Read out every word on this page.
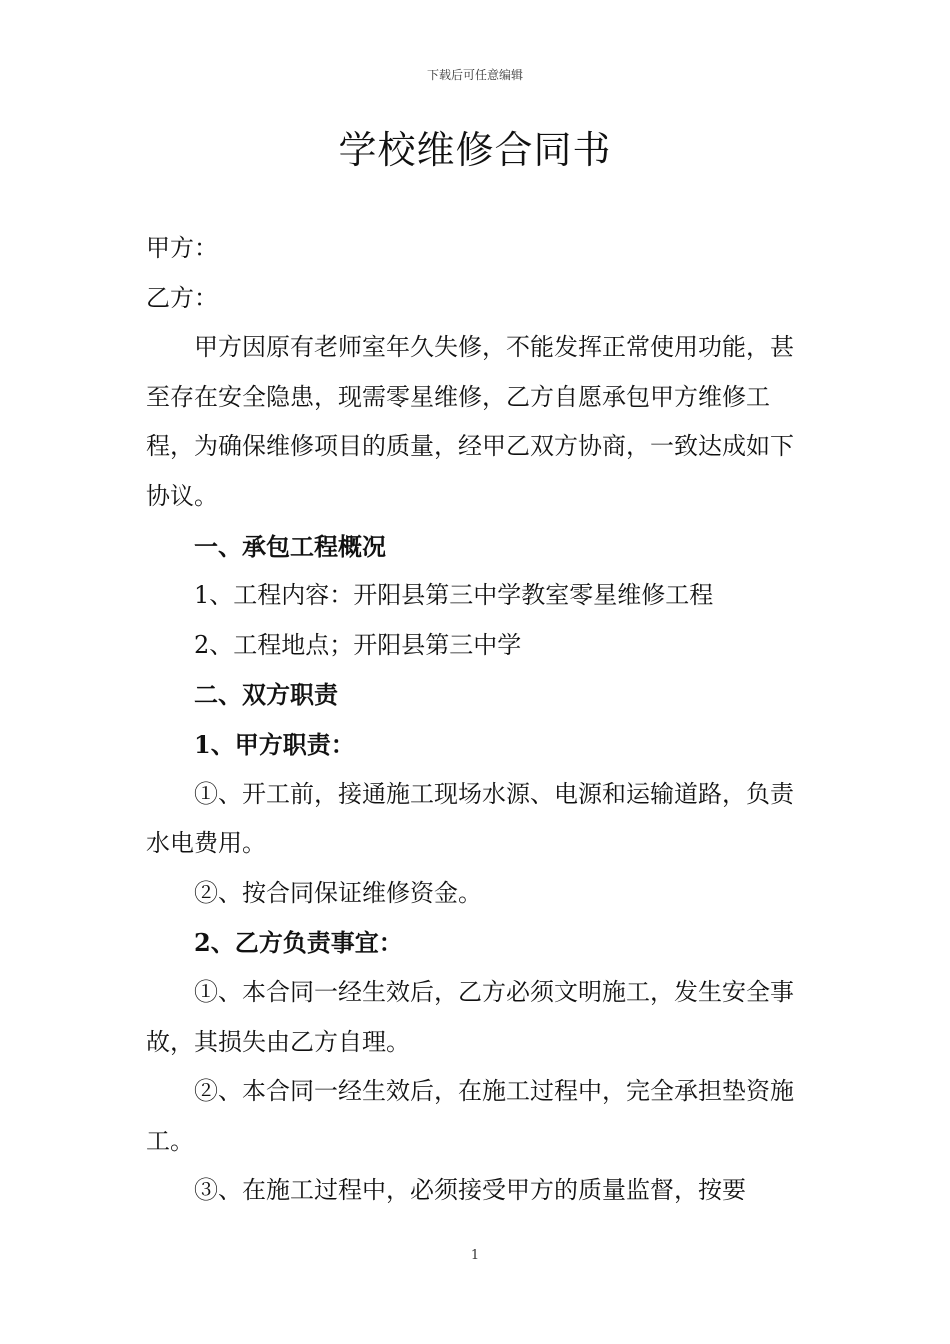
下载后可任意编辑
学校维修合同书

甲方：

乙方：

甲方因原有老师室年久失修，不能发挥正常使用功能，甚至存在安全隐患，现需零星维修，乙方自愿承包甲方维修工程，为确保维修项目的质量，经甲乙双方协商，一致达成如下协议。

一、承包工程概况

1、工程内容：开阳县第三中学教室零星维修工程

2、工程地点；开阳县第三中学

二、双方职责

1、甲方职责：

①、开工前，接通施工现场水源、电源和运输道路，负责水电费用。

②、按合同保证维修资金。

2、乙方负责事宜：

①、本合同一经生效后，乙方必须文明施工，发生安全事故，其损失由乙方自理。

②、本合同一经生效后，在施工过程中，完全承担垫资施工。

③、在施工过程中，必须接受甲方的质量监督，按要

1
